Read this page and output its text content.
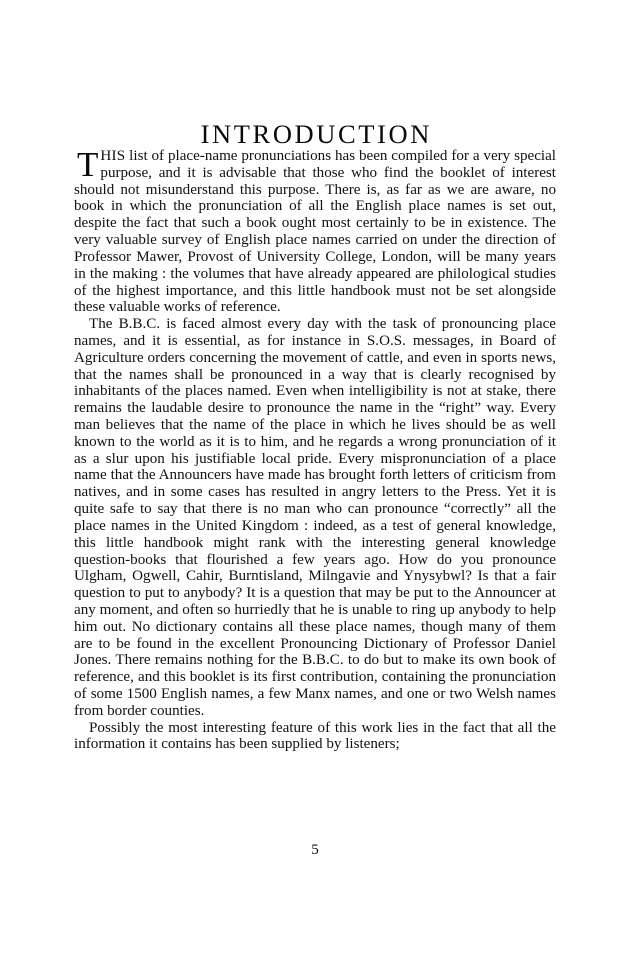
INTRODUCTION

THIS list of place-name pronunciations has been compiled for a very special purpose, and it is advisable that those who find the booklet of interest should not misunderstand this purpose. There is, as far as we are aware, no book in which the pronunciation of all the English place names is set out, despite the fact that such a book ought most certainly to be in existence. The very valuable survey of English place names carried on under the direction of Professor Mawer, Provost of University College, London, will be many years in the making : the volumes that have already appeared are philological studies of the highest importance, and this little handbook must not be set alongside these valuable works of reference.

The B.B.C. is faced almost every day with the task of pronouncing place names, and it is essential, as for instance in S.O.S. messages, in Board of Agriculture orders concerning the movement of cattle, and even in sports news, that the names shall be pronounced in a way that is clearly recognised by inhabitants of the places named. Even when intelligibility is not at stake, there remains the laudable desire to pronounce the name in the “right” way. Every man believes that the name of the place in which he lives should be as well known to the world as it is to him, and he regards a wrong pronunciation of it as a slur upon his justifiable local pride. Every mispronunciation of a place name that the Announcers have made has brought forth letters of criticism from natives, and in some cases has resulted in angry letters to the Press. Yet it is quite safe to say that there is no man who can pronounce “correctly” all the place names in the United Kingdom : indeed, as a test of general knowledge, this little handbook might rank with the interesting general knowledge question-books that flourished a few years ago. How do you pronounce Ulgham, Ogwell, Cahir, Burntisland, Milngavie and Ynysybwl? Is that a fair question to put to anybody? It is a question that may be put to the Announcer at any moment, and often so hurriedly that he is unable to ring up anybody to help him out. No dictionary contains all these place names, though many of them are to be found in the excellent Pronouncing Dictionary of Professor Daniel Jones. There remains nothing for the B.B.C. to do but to make its own book of reference, and this booklet is its first contribution, containing the pronunciation of some 1500 English names, a few Manx names, and one or two Welsh names from border counties.

Possibly the most interesting feature of this work lies in the fact that all the information it contains has been supplied by listeners;

5
